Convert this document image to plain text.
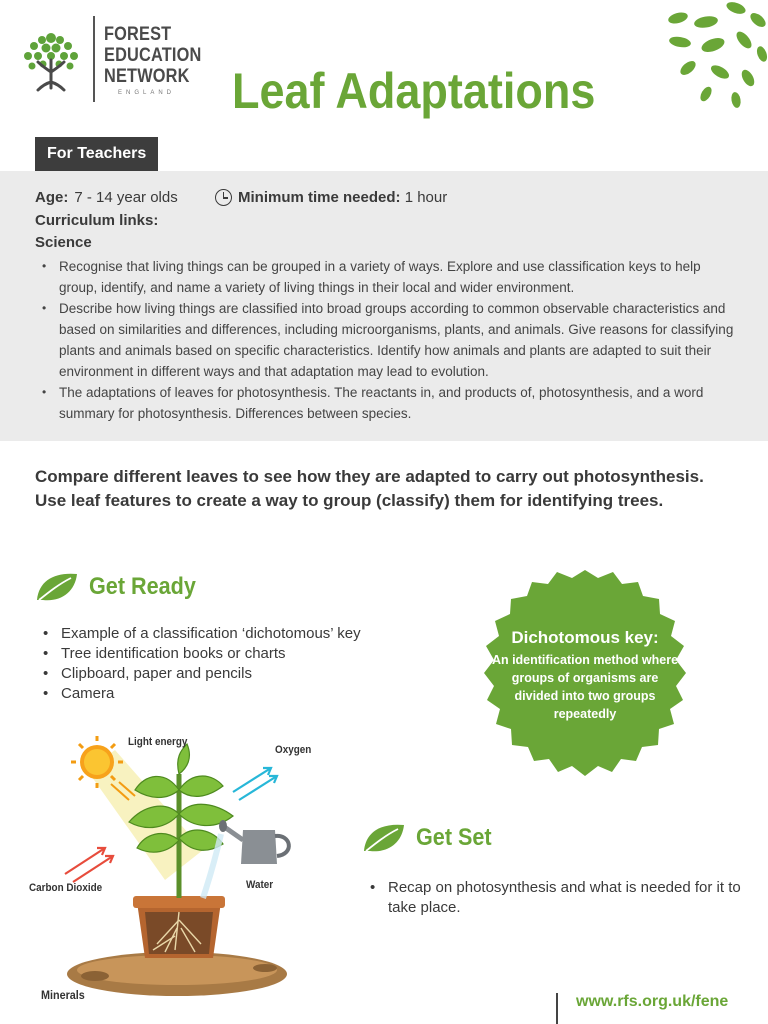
FOREST
EDUCATION
NETWORK
ENGLAND Leaf Adaptations
For Teachers
Age: 7 - 14 year olds	Minimum time needed:
1 hour
Curriculum links:
Science
• Recognise that living things can be grouped in a variety of ways. Explore and use classification keys to help group, identify, and name a variety of living things in their local and wider environment.
• Describe how living things are classified into broad groups according to common observable characteristics and based on similarities and differences, including microorganisms, plants, and animals. Give reasons for classifying plants and animals based on specific characteristics. Identify how animals and plants are adapted to suit their environment in different ways and that adaptation may lead to evolution.
• The adaptations of leaves for photosynthesis. The reactants in, and products of, photosynthesis, and a word summary for photosynthesis. Differences between species.

Compare different leaves to see how they are adapted to carry out photosynthesis. Use leaf features to create a way to group (classify) them for identifying trees.

Get Ready
• Example of a classification ‘dichotomous’ key
• Tree identification books or charts
• Clipboard, paper and pencils
• Camera
Dichotomous key:
An identification method where groups of organisms are divided into two groups repeatedly
Light energy
Oxygen
Carbon Dioxide	Water
Minerals
Get Set
• Recap on photosynthesis and what is needed for it to take place.
www.rfs.org.uk/fene
